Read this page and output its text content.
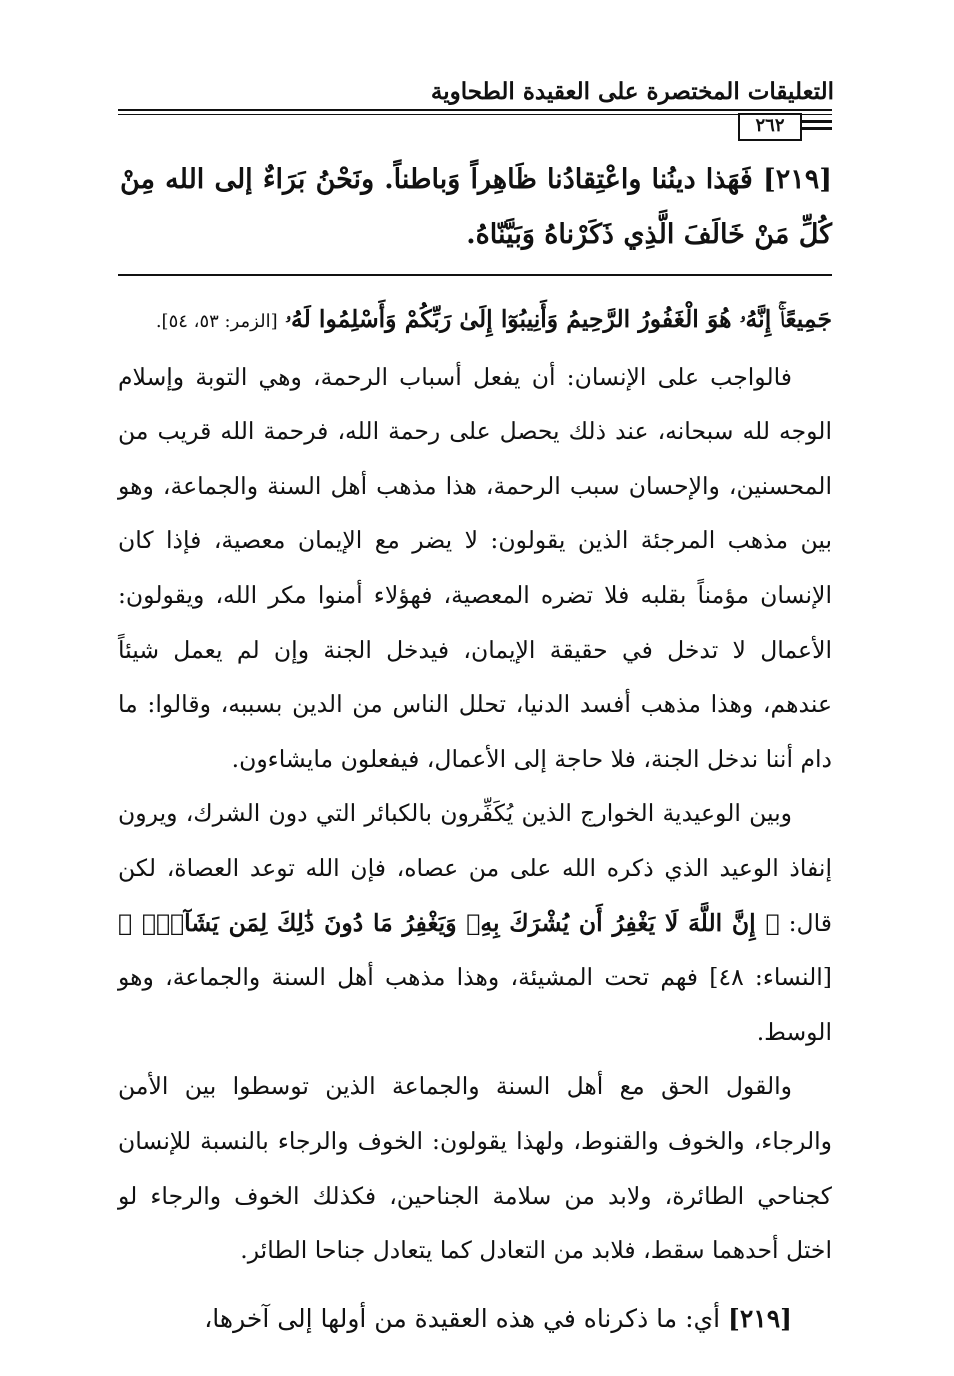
التعليقات المختصرة على العقيدة الطحاوية
٢٦٢
[٢١٩] فَهَذا دينُنا واعْتِقادُنا ظَاهِراً وَباطناً. ونَحْنُ بَرَاءٌ إلى الله مِنْ كُلِّ مَنْ خَالَفَ الَّذِي ذَكَرْناهُ وَبَيَّنّاهُ.

جَمِيعًاۚ إِنَّهُۥ هُوَ الْغَفُورُ الرَّحِيمُ وَأَنِيبُوٓا إِلَىٰ رَبِّكُمْ وَأَسْلِمُوا لَهُۥ [الزمر: ٥٣، ٥٤].

فالواجب على الإنسان: أن يفعل أسباب الرحمة، وهي التوبة وإسلام الوجه لله سبحانه، عند ذلك يحصل على رحمة الله، فرحمة الله قريب من المحسنين، والإحسان سبب الرحمة، هذا مذهب أهل السنة والجماعة، وهو بين مذهب المرجئة الذين يقولون: لا يضر مع الإيمان معصية، فإذا كان الإنسان مؤمناً بقلبه فلا تضره المعصية، فهؤلاء أمنوا مكر الله، ويقولون: الأعمال لا تدخل في حقيقة الإيمان، فيدخل الجنة وإن لم يعمل شيئاً عندهم، وهذا مذهب أفسد الدنيا، تحلل الناس من الدين بسببه، وقالوا: ما دام أننا ندخل الجنة، فلا حاجة إلى الأعمال، فيفعلون مايشاءون.

وبين الوعيدية الخوارج الذين يُكَفِّرون بالكبائر التي دون الشرك، ويرون إنفاذ الوعيد الذي ذكره الله على من عصاه، فإن الله توعد العصاة، لكن قال: ﴿ إِنَّ اللَّهَ لَا يَغْفِرُ أَن يُشْرَكَ بِهِۦ وَيَغْفِرُ مَا دُونَ ذَٰلِكَ لِمَن يَشَآءُۚ ﴾ [النساء: ٤٨] فهم تحت المشيئة، وهذا مذهب أهل السنة والجماعة، وهو الوسط.

والقول الحق مع أهل السنة والجماعة الذين توسطوا بين الأمن والرجاء، والخوف والقنوط، ولهذا يقولون: الخوف والرجاء بالنسبة للإنسان كجناحي الطائرة، ولابد من سلامة الجناحين، فكذلك الخوف والرجاء لو اختل أحدهما سقط، فلابد من التعادل كما يتعادل جناحا الطائر.

[٢١٩] أي: ما ذكرناه في هذه العقيدة من أولها إلى آخرها،
